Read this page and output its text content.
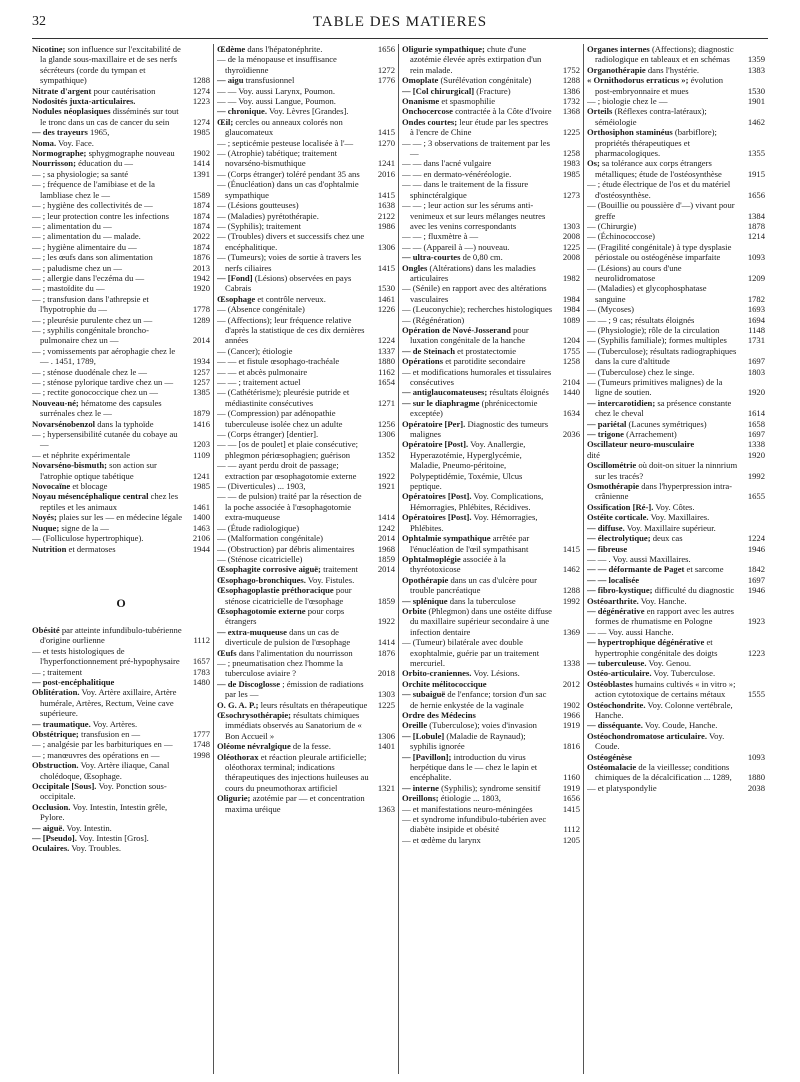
32	TABLE DES MATIERES

Nicotine; son influence sur l'excitabilité de la glande sous-maxillaire et de ses nerfs sécréteurs (corde du tympan et sympathique)	1288

Nitrate d'argent pour cautérisation	1274

Nodosités juxta-articulaires.	1223

Nodules néoplasiques disséminés sur tout le tronc dans un cas de cancer du sein	1274

— des trayeurs 1965,	1985

Noma. Voy. Face.

Normographe; sphygmographe nouveau 1902

Nourrisson; éducation du —	1414

— ; sa physiologie; sa santé	1391

— ; fréquence de l'amibiase et de la lambliase chez le —	1589

— ; hygiène des collectivités de —	1874

— ; leur protection contre les infections	1874

— ; alimentation du —	1874

— ; alimentation du — malade.	2022

— ; hygiène alimentaire du —	1874

— ; les œufs dans son alimentation	1876

— ; paludisme chez un —	2013

— ; allergie dans l'eczéma du —	1942

— ; mastoïdite du —	1920

— ; transfusion dans l'athrepsie et l'hypotrophie du —	1778

— ; pleurésie purulente chez un —	1289

— ; syphilis congénitale broncho-pulmonaire chez un —	2014

— ; vomissements par aérophagie chez le — . 1451, 1789,	1934

— ; sténose duodénale chez le —	1257

— ; sténose pylorique tardive chez un — 1257

— ; rectite gonococcique chez un —	1385

Nouveau-né; hématome des capsules surrénales chez le —	1879

Novarsénobenzol dans la typhoïde	1416

— ; hypersensibilité cutanée du cobaye au —	1203

— et néphrite expérimentale	1109

Novarséno-bismuth; son action sur l'atrophie optique tabétique	1241

Novocaïne et blocage	1985

Noyau mésencéphalique central chez les reptiles et les animaux	1461

Noyés; plaies sur les — en médecine légale 1400

Nuque; signe de la —	1463

— (Folliculose hypertrophique).	2106

Nutrition et dermatoses	1944

O

Obésité par atteinte infundibulo-tubérienne d'origine ourlienne	1112

— et tests histologiques de l'hyperfonctionnement pré-hypophysaire 1657

— ; traitement	1783

— post-encéphalitique	1480

Oblitération. Voy. Artère axillaire, Artère humérale, Artères, Rectum, Veine cave supérieure.

— traumatique. Voy. Artères.

Obstétrique; transfusion en —	1777

— ; analgésie par les barbituriques en — 1748

— ; manœuvres des opérations en —	1998

Obstruction. Voy. Artère iliaque, Canal cholédoque, Œsophage.

Occipitale [Sous]. Voy. Ponction sous-occipitale.

Occlusion. Voy. Intestin, Intestin grêle, Pylore.

— aiguë. Voy. Intestin.

— [Pseudo]. Voy. Intestin [Gros].

Oculaires. Voy. Troubles.

Œdème dans l'hépatonéphrite.	1656

— de la ménopause et insuffisance thyroïdienne	1272

— aigu transfusionnel	1776

— — Voy. aussi Larynx, Poumon.

— — Voy. aussi Langue, Poumon.

— chronique. Voy. Lèvres [Grandes].

Œil; cercles ou anneaux colorés non glaucomateux	1415

— ; septicémie pesteuse localisée à l'—	1270

— (Atrophie) tabétique; traitement novarséno-bismuthique	1241

— (Corps étranger) toléré pendant 35 ans 2016

— (Énucléation) dans un cas d'ophtalmie sympathique	1415

— (Lésions goutteuses)	1638

— (Maladies) pyrétothérapie.	2122

— (Syphilis); traitement	1986

— (Troubles) divers et successifs chez une encéphalitique.	1306

— (Tumeurs); voies de sortie à travers les nerfs ciliaires	1415

— [Fond] (Lésions) observées en pays Cabrais	1530

Œsophage et contrôle nerveux.	1461

— (Absence congénitale)	1226

— (Affections); leur fréquence relative d'après la statistique de ces dix dernières années	1224

— (Cancer); étiologie	1337

— — et fistule œsophago-trachéale	1880

— — et abcès pulmonaire	1162

— — ; traitement actuel	1654

— (Cathétérisme); pleurésie putride et médiastinite consécutives	1271

— (Compression) par adénopathie tuberculeuse isolée chez un adulte	1256

— (Corps étranger) [dentier].	1306

— — [os de poulet] et plaie consécutive; phlegmon périœsophagien; guérison	1352

— — ayant perdu droit de passage; extraction par œsophagotomie externe 1922

— (Diverticules) ... 1903,	1921

— — de pulsion) traité par la résection de la poche associée à l'œsophagotomie extra-muqueuse	1414

— (Étude radiologique)	1242

— (Malformation congénitale)	2014

— (Obstruction) par débris alimentaires	1968

— (Sténose cicatricielle)	1859

Œsophagite corrosive aiguë; traitement 2014

Œsophago-bronchiques. Voy. Fistules.

Œsophagoplastie préthoracique pour sténose cicatricielle de l'œsophage	1859

Œsophagotomie externe pour corps étrangers	1922

— extra-muqueuse dans un cas de diverticule de pulsion de l'œsophage	1414

Œufs dans l'alimentation du nourrisson	1876

— ; pneumatisation chez l'homme la tuberculose aviaire ?	2018

— de Discoglosse ; émission de radiations par les —	1303

O. G. A. P.; leurs résultats en thérapeutique 1225

Œsochrysothérapie; résultats chimiques immédiats observés au Sanatorium de « Bon Accueil »	1306

Oléome névralgique de la fesse.	1401

Oléothorax et réaction pleurale artificielle; oléothorax terminal; indications thérapeutiques des injections huileuses au cours du pneumothorax artificiel	1321

Oligurie; azotémie par — et concentration maxima uréique	1363

Oligurie sympathique; chute d'une azotémie élevée après extirpation d'un rein malade.	1752

Omoplate (Surélévation congénitale)	1288

— [Col chirurgical] (Fracture)	1386

Onanisme et spasmophilie	1732

Onchocercose contractée à la Côte d'Ivoire 1368

Ondes courtes; leur étude par les spectres à l'encre de Chine	1225

— — ; 3 observations de traitement par les —	1258

— — dans l'acné vulgaire	1983

— — en dermato-vénéréologie.	1985

— — dans le traitement de la fissure sphinctéralgique	1273

— — ; leur action sur les sérums anti-venimeux et sur leurs mélanges neutres avec les venins correspondants	1303

— — ; fluxmètre à —	2008

— — (Appareil à —) nouveau.	1225

— ultra-courtes de 0,80 cm.	2008

Ongles (Altérations) dans les maladies articulaires	1982

— (Sénile) en rapport avec des altérations vasculaires	1984

— (Leuconychie); recherches histologiques 1984

— (Régénération)	1089

Opération de Nové-Josserand pour luxation congénitale de la hanche	1204

— de Steinach et prostatectomie	1755

Opérations et parotidite secondaire	1258

— et modifications humorales et tissulaires consécutives	2104

— antiglaucomateuses; résultats éloignés 1440

— sur le diaphragme (phrénicectomie exceptée)	1634

Opératoire [Per]. Diagnostic des tumeurs malignes	2036

Opératoire [Post]. Voy. Anallergie, Hyperazotémie, Hyperglycémie, Maladie, Pneumo-péritoine, Polypeptidémie, Toxémie, Ulcus peptique.

Opératoires [Post]. Voy. Complications, Hémorragies, Phlébites, Récidives.

Opératoires [Post]. Voy. Hémorragies, Phlébites.

Ophtalmie sympathique arrêtée par l'énucléation de l'œil sympathisant	1415

Ophtalmoplégie associée à la thyréotoxicose	1462

Opothérapie dans un cas d'ulcère pour trouble pancréatique	1288

— splénique dans la tuberculose	1992

Orbite (Phlegmon) dans une ostéite diffuse du maxillaire supérieur secondaire à une infection dentaire	1369

— (Tumeur) bilatérale avec double exophtalmie, guérie par un traitement mercuriel.	1338

Orbito-craniennes. Voy. Lésions.

Orchite mélitococcique	2012

— subaiguë de l'enfance; torsion d'un sac de hernie enkystée de la vaginale	1902

Ordre des Médecins	1966

Oreille (Tuberculose); voies d'invasion	1919

— [Lobule] (Maladie de Raynaud); syphilis ignorée	1816

— [Pavillon]; introduction du virus herpétique dans le — chez le lapin et encéphalite.	1160

— interne (Syphilis); syndrome sensitif	1919

Oreillons; étiologie ... 1803,	1656

— et manifestations neuro-méningées	1415

— et syndrome infundibulo-tubérien avec diabète insipide et obésité	1112

— et œdème du larynx	1205

Organes internes (Affections); diagnostic radiologique en tableaux et en schémas 1359

Organothérapie dans l'hystérie.	1383

« Ornithodorus erraticus »; évolution post-embryonnaire et mues	1530

— ; biologie chez le —	1901

Orteils (Réflexes contra-latéraux); séméiologie	1462

Orthosiphon staminéus (barbiflore); propriétés thérapeutiques et pharmacologiques.	1355

Os; sa tolérance aux corps étrangers métalliques; étude de l'ostéosynthèse	1915

— ; étude électrique de l'os et du matériel d'ostéosynthèse.	1656

— (Bouillie ou poussière d'—) vivant pour greffe	1384

— (Chirurgie)	1878

— (Échinococcose)	1214

— (Fragilité congénitale) à type dysplasie périostale ou ostéogénèse imparfaite	1093

— (Lésions) au cours d'une neurolidromatose	1209

— (Maladies) et glycophosphatase sanguine	1782

— (Mycoses)	1693

— — ; 9 cas; résultats éloignés	1694

— (Physiologie); rôle de la circulation	1148

— (Syphilis familiale); formes multiples 1731

— (Tuberculose); résultats radiographiques dans la cure d'altitude	1697

— (Tuberculose) chez le singe.	1803

— (Tumeurs primitives malignes) de la ligne de soutien.	1920

— intercarotidien; sa présence constante chez le cheval	1614

— pariétal (Lacunes symétriques)	1658

— trigone (Arrachement)	1697

Oscillateur neuro-musculaire	1338

dité	1920

Oscillométrie où doit-on situer la ninnrium sur les tracés?	1992

Osmothérapie dans l'hyperpression intra-crânienne	1655

Ossification [Ré-]. Voy. Côtes.

Ostéite corticale. Voy. Maxillaires.

— diffuse. Voy. Maxillaire supérieur.

— électrolytique; deux cas	1224

— fibreuse	1946

— — . Voy. aussi Maxillaires.

— — déformante de Paget et sarcome	1842

— — localisée	1697

— fibro-kystique; difficulté du diagnostic 1946

Ostéoarthrite. Voy. Hanche.

— dégénérative en rapport avec les autres formes de rhumatisme en Pologne	1923

— — Voy. aussi Hanche.

— hypertrophique dégénérative et hypertrophie congénitale des doigts	1223

— tuberculeuse. Voy. Genou.

Ostéo-articulaire. Voy. Tuberculose.

Ostéoblastes humains cultivés « in vitro »; action cytotoxique de certains métaux	1555

Ostéochondrite. Voy. Colonne vertébrale, Hanche.

— disséquante. Voy. Coude, Hanche.

Ostéochondromatose articulaire. Voy. Coude.

Ostéogénèse	1093

Ostéomalacie de la vieillesse; conditions chimiques de la décalcification ... 1289, 1880

— et platyspondylie	2038
